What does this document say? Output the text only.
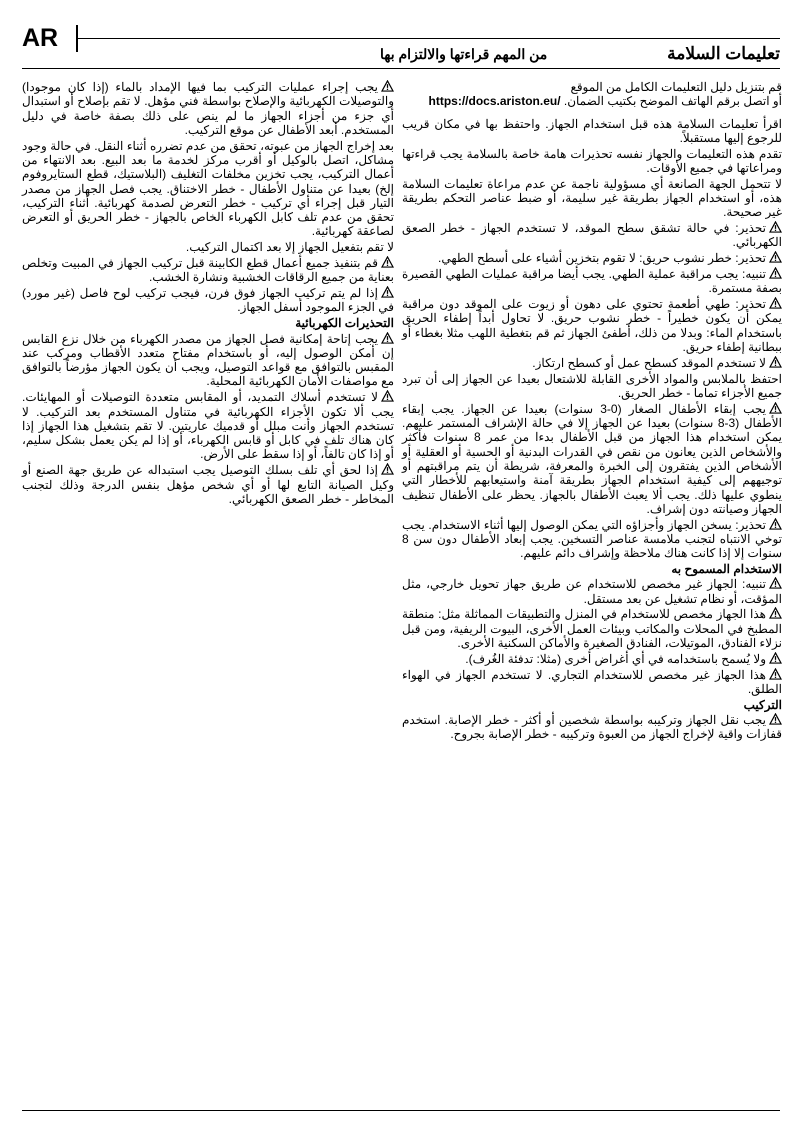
AR
تعليمات السلامة
من المهم قراءتها والالتزام بها

قم بتنزيل دليل التعليمات الكامل من الموقع
أو اتصل برقم الهاتف الموضح بكتيب الضمان. https://docs.ariston.eu/

اقرأ تعليمات السلامة هذه قبل استخدام الجهاز. واحتفظ بها في مكان قريب للرجوع إليها مستقبلاً.

تقدم هذه التعليمات والجهاز نفسه تحذيرات هامة خاصة بالسلامة يجب قراءتها ومراعاتها في جميع الأوقات.

لا تتحمل الجهة الصانعة أي مسؤولية ناجمة عن عدم مراعاة تعليمات السلامة هذه، أو استخدام الجهاز بطريقة غير سليمة، أو ضبط عناصر التحكم بطريقة غير صحيحة.

تحذير: في حالة تشقق سطح الموقد، لا تستخدم الجهاز - خطر الصعق الكهربائي.

تحذير: خطر نشوب حريق: لا تقوم بتخزين أشياء على أسطح الطهي.

تنبيه: يجب مراقبة عملية الطهي. يجب أيضا مراقبة عمليات الطهي القصيرة بصفة مستمرة.

تحذير: طهي أطعمة تحتوي على دهون أو زيوت على الموقد دون مراقبة يمكن أن يكون خطيراً - خطر نشوب حريق. لا تحاول أبداً إطفاء الحريق باستخدام الماء: وبدلا من ذلك، أطفئ الجهاز ثم قم بتغطية اللهب مثلا بغطاء أو ببطانية إطفاء حريق.

لا تستخدم الموقد كسطح عمل أو كسطح ارتكاز.

احتفظ بالملابس والمواد الأخرى القابلة للاشتعال بعيدا عن الجهاز إلى أن تبرد جميع الأجزاء تماما - خطر الحريق.

يجب إبقاء الأطفال الصغار (0-3 سنوات) بعيدا عن الجهاز. يجب إبقاء الأطفال (3-8 سنوات) بعيدا عن الجهاز إلا في حالة الإشراف المستمر عليهم. يمكن استخدام هذا الجهاز من قبل الأطفال بدءا من عمر 8 سنوات فأكثر والأشخاص الذين يعانون من نقص في القدرات البدنية أو الحسية أو العقلية أو الأشخاص الذين يفتقرون إلى الخبرة والمعرفة، شريطة أن يتم مراقبتهم أو توجيههم إلى كيفية استخدام الجهاز بطريقة آمنة واستيعابهم للأخطار التي ينطوي عليها ذلك. يجب ألا يعبث الأطفال بالجهاز. يحظر على الأطفال تنظيف الجهاز وصيانته دون إشراف.

تحذير: يسخن الجهاز وأجزاؤه التي يمكن الوصول إليها أثناء الاستخدام. يجب توخي الانتباه لتجنب ملامسة عناصر التسخين. يجب إبعاد الأطفال دون سن 8 سنوات إلا إذا كانت هناك ملاحظة وإشراف دائم عليهم.

الاستخدام المسموح به

تنبيه: الجهاز غير مخصص للاستخدام عن طريق جهاز تحويل خارجي، مثل المؤقت، أو نظام تشغيل عن بعد مستقل.

هذا الجهاز مخصص للاستخدام في المنزل والتطبيقات المماثلة مثل: منطقة المطبخ في المحلات والمكاتب وبيئات العمل الأخرى، البيوت الريفية، ومن قبل نزلاء الفنادق، الموتيلات، الفنادق الصغيرة والأماكن السكنية الأخرى.

ولا يُسمح باستخدامه في أي أغراض أخرى (مثلا: تدفئة الغُرف).

هذا الجهاز غير مخصص للاستخدام التجاري. لا تستخدم الجهاز في الهواء الطلق.

التركيب

يجب نقل الجهاز وتركيبه بواسطة شخصين أو أكثر - خطر الإصابة. استخدم قفازات واقية لإخراج الجهاز من العبوة وتركيبه - خطر الإصابة بجروح.

يجب إجراء عمليات التركيب بما فيها الإمداد بالماء (إذا كان موجودا) والتوصيلات الكهربائية والإصلاح بواسطة فني مؤهل. لا تقم بإصلاح أو استبدال أي جزء من أجزاء الجهاز ما لم ينص على ذلك بصفة خاصة في دليل المستخدم. أبعد الأطفال عن موقع التركيب.

بعد إخراج الجهاز من عبوته، تحقق من عدم تضرره أثناء النقل. في حالة وجود مشاكل، اتصل بالوكيل أو أقرب مركز لخدمة ما بعد البيع. بعد الانتهاء من أعمال التركيب، يجب تخزين مخلفات التغليف (البلاستيك، قطع الستايروفوم إلخ) بعيدا عن متناول الأطفال - خطر الاختناق. يجب فصل الجهاز من مصدر التيار قبل إجراء أي تركيب - خطر التعرض لصدمة كهربائية. أثناء التركيب، تحقق من عدم تلف كابل الكهرباء الخاص بالجهاز - خطر الحريق أو التعرض لصاعقة كهربائية.

لا تقم بتفعيل الجهاز إلا بعد اكتمال التركيب.

قم بتنفيذ جميع أعمال قطع الكابينة قبل تركيب الجهاز في المبيت وتخلص بعناية من جميع الرقاقات الخشبية ونشارة الخشب.

إذا لم يتم تركيب الجهاز فوق فرن، فيجب تركيب لوح فاصل (غير مورد) في الجزء الموجود أسفل الجهاز.

التحذيرات الكهربائية

يجب إتاحة إمكانية فصل الجهاز من مصدر الكهرباء من خلال نزع القابس إن أمكن الوصول إليه، أو باستخدام مفتاح متعدد الأقطاب ومركب عند المقبس بالتوافق مع قواعد التوصيل، ويجب أن يكون الجهاز مؤرضاً بالتوافق مع مواصفات الأمان الكهربائية المحلية.

لا تستخدم أسلاك التمديد، أو المقابس متعددة التوصيلات أو المهايئات. يجب ألا تكون الأجزاء الكهربائية في متناول المستخدم بعد التركيب. لا تستخدم الجهاز وأنت مبلل أو قدميك عاريتين. لا تقم بتشغيل هذا الجهاز إذا كان هناك تلف في كابل أو قابس الكهرباء، أو إذا لم يكن يعمل بشكل سليم، أو إذا كان تالفاً، أو إذا سقط على الأرض.

إذا لحق أي تلف بسلك التوصيل يجب استبداله عن طريق جهة الصنع أو وكيل الصيانة التابع لها أو أي شخص مؤهل بنفس الدرجة وذلك لتجنب المخاطر - خطر الصعق الكهربائي.
